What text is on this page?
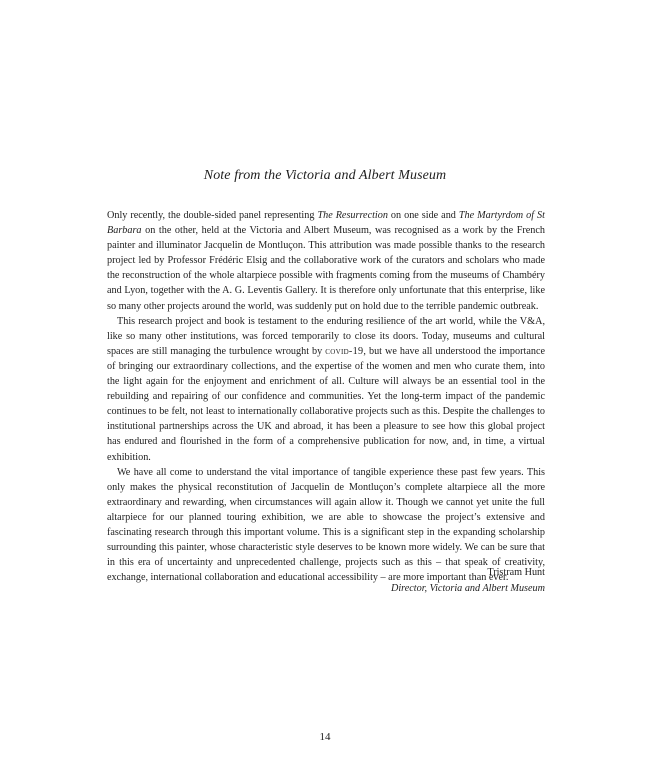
Note from the Victoria and Albert Museum

Only recently, the double-sided panel representing The Resurrection on one side and The Martyrdom of St Barbara on the other, held at the Victoria and Albert Museum, was recognised as a work by the French painter and illuminator Jacquelin de Montluçon. This attribution was made possible thanks to the research project led by Professor Frédéric Elsig and the collaborative work of the curators and scholars who made the reconstruction of the whole altarpiece possible with fragments coming from the museums of Chambéry and Lyon, together with the A. G. Leventis Gallery. It is therefore only unfortunate that this enterprise, like so many other projects around the world, was suddenly put on hold due to the terrible pandemic outbreak.

This research project and book is testament to the enduring resilience of the art world, while the V&A, like so many other institutions, was forced temporarily to close its doors. Today, museums and cultural spaces are still managing the turbulence wrought by covid-19, but we have all understood the importance of bringing our extraordinary collections, and the expertise of the women and men who curate them, into the light again for the enjoyment and enrichment of all. Culture will always be an essential tool in the rebuilding and repairing of our confidence and communities. Yet the long-term impact of the pandemic continues to be felt, not least to internationally collaborative projects such as this. Despite the challenges to institutional partnerships across the UK and abroad, it has been a pleasure to see how this global project has endured and flourished in the form of a comprehensive publication for now, and, in time, a virtual exhibition.

We have all come to understand the vital importance of tangible experience these past few years. This only makes the physical reconstitution of Jacquelin de Montluçon’s complete altarpiece all the more extraordinary and rewarding, when circumstances will again allow it. Though we cannot yet unite the full altarpiece for our planned touring exhibition, we are able to showcase the project’s extensive and fascinating research through this important volume. This is a significant step in the expanding scholarship surrounding this painter, whose characteristic style deserves to be known more widely. We can be sure that in this era of uncertainty and unprecedented challenge, projects such as this – that speak of creativity, exchange, international collaboration and educational accessibility – are more important than ever.

Tristram Hunt
Director, Victoria and Albert Museum
14
